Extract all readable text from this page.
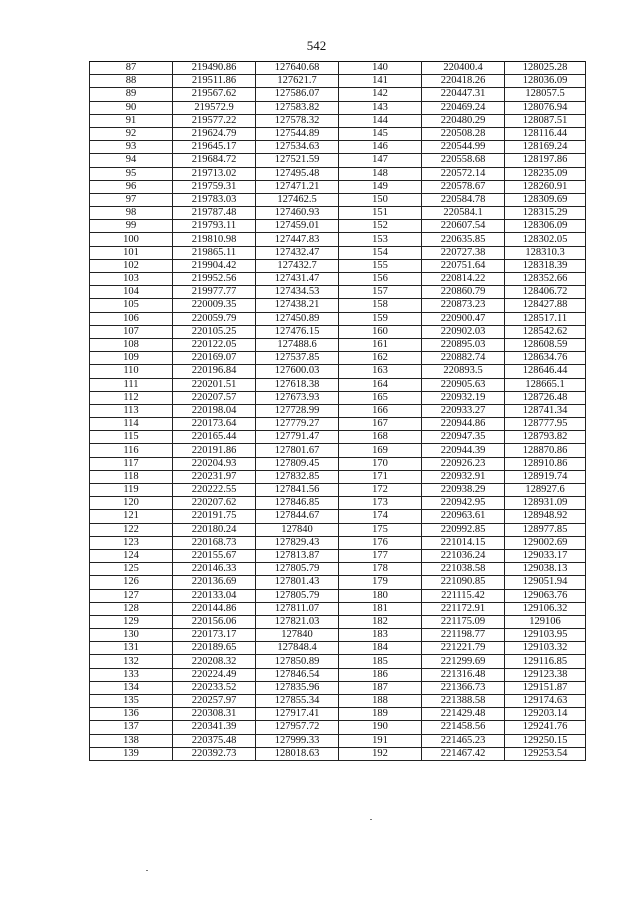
542
87	219490.86	127640.68	140	220400.4	128025.28
88	219511.86	127621.7	141	220418.26	128036.09
89	219567.62	127586.07	142	220447.31	128057.5
90	219572.9	127583.82	143	220469.24	128076.94
91	219577.22	127578.32	144	220480.29	128087.51
92	219624.79	127544.89	145	220508.28	128116.44
93	219645.17	127534.63	146	220544.99	128169.24
94	219684.72	127521.59	147	220558.68	128197.86
95	219713.02	127495.48	148	220572.14	128235.09
96	219759.31	127471.21	149	220578.67	128260.91
97	219783.03	127462.5	150	220584.78	128309.69
98	219787.48	127460.93	151	220584.1	128315.29
99	219793.11	127459.01	152	220607.54	128306.09
100	219810.98	127447.83	153	220635.85	128302.05
101	219865.11	127432.47	154	220727.38	128310.3
102	219904.42	127432.7	155	220751.64	128318.39
103	219952.56	127431.47	156	220814.22	128352.66
104	219977.77	127434.53	157	220860.79	128406.72
105	220009.35	127438.21	158	220873.23	128427.88
106	220059.79	127450.89	159	220900.47	128517.11
107	220105.25	127476.15	160	220902.03	128542.62
108	220122.05	127488.6	161	220895.03	128608.59
109	220169.07	127537.85	162	220882.74	128634.76
110	220196.84	127600.03	163	220893.5	128646.44
111	220201.51	127618.38	164	220905.63	128665.1
112	220207.57	127673.93	165	220932.19	128726.48
113	220198.04	127728.99	166	220933.27	128741.34
114	220173.64	127779.27	167	220944.86	128777.95
115	220165.44	127791.47	168	220947.35	128793.82
116	220191.86	127801.67	169	220944.39	128870.86
117	220204.93	127809.45	170	220926.23	128910.86
118	220231.97	127832.85	171	220932.91	128919.74
119	220222.55	127841.56	172	220938.29	128927.6
120	220207.62	127846.85	173	220942.95	128931.09
121	220191.75	127844.67	174	220963.61	128948.92
122	220180.24	127840	175	220992.85	128977.85
123	220168.73	127829.43	176	221014.15	129002.69
124	220155.67	127813.87	177	221036.24	129033.17
125	220146.33	127805.79	178	221038.58	129038.13
126	220136.69	127801.43	179	221090.85	129051.94
127	220133.04	127805.79	180	221115.42	129063.76
128	220144.86	127811.07	181	221172.91	129106.32
129	220156.06	127821.03	182	221175.09	129106
130	220173.17	127840	183	221198.77	129103.95
131	220189.65	127848.4	184	221221.79	129103.32
132	220208.32	127850.89	185	221299.69	129116.85
133	220224.49	127846.54	186	221316.48	129123.38
134	220233.52	127835.96	187	221366.73	129151.87
135	220257.97	127855.34	188	221388.58	129174.63
136	220308.31	127917.41	189	221429.48	129203.14
137	220341.39	127957.72	190	221458.56	129241.76
138	220375.48	127999.33	191	221465.23	129250.15
139	220392.73	128018.63	192	221467.42	129253.54
